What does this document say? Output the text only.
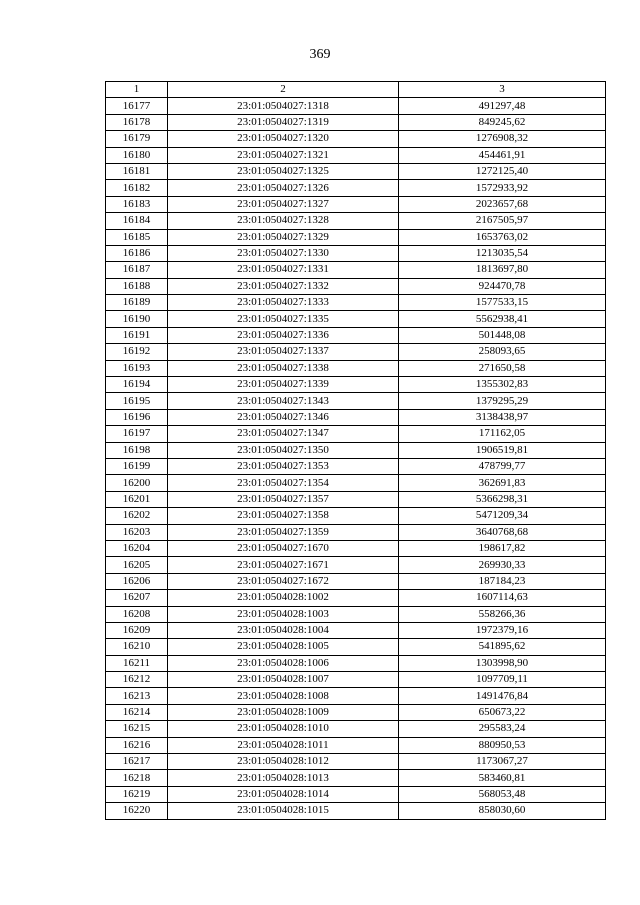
369
1	2	3
16177	23:01:0504027:1318	491297,48
16178	23:01:0504027:1319	849245,62
16179	23:01:0504027:1320	1276908,32
16180	23:01:0504027:1321	454461,91
16181	23:01:0504027:1325	1272125,40
16182	23:01:0504027:1326	1572933,92
16183	23:01:0504027:1327	2023657,68
16184	23:01:0504027:1328	2167505,97
16185	23:01:0504027:1329	1653763,02
16186	23:01:0504027:1330	1213035,54
16187	23:01:0504027:1331	1813697,80
16188	23:01:0504027:1332	924470,78
16189	23:01:0504027:1333	1577533,15
16190	23:01:0504027:1335	5562938,41
16191	23:01:0504027:1336	501448,08
16192	23:01:0504027:1337	258093,65
16193	23:01:0504027:1338	271650,58
16194	23:01:0504027:1339	1355302,83
16195	23:01:0504027:1343	1379295,29
16196	23:01:0504027:1346	3138438,97
16197	23:01:0504027:1347	171162,05
16198	23:01:0504027:1350	1906519,81
16199	23:01:0504027:1353	478799,77
16200	23:01:0504027:1354	362691,83
16201	23:01:0504027:1357	5366298,31
16202	23:01:0504027:1358	5471209,34
16203	23:01:0504027:1359	3640768,68
16204	23:01:0504027:1670	198617,82
16205	23:01:0504027:1671	269930,33
16206	23:01:0504027:1672	187184,23
16207	23:01:0504028:1002	1607114,63
16208	23:01:0504028:1003	558266,36
16209	23:01:0504028:1004	1972379,16
16210	23:01:0504028:1005	541895,62
16211	23:01:0504028:1006	1303998,90
16212	23:01:0504028:1007	1097709,11
16213	23:01:0504028:1008	1491476,84
16214	23:01:0504028:1009	650673,22
16215	23:01:0504028:1010	295583,24
16216	23:01:0504028:1011	880950,53
16217	23:01:0504028:1012	1173067,27
16218	23:01:0504028:1013	583460,81
16219	23:01:0504028:1014	568053,48
16220	23:01:0504028:1015	858030,60
